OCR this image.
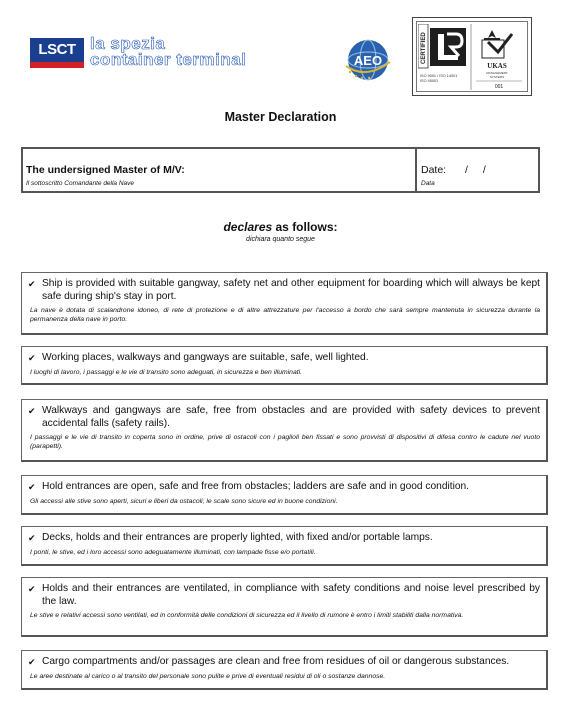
LSCT la spezia
container terminal	AEO	CERTIFIED
ISO 9001 / ISO 14001
ISO 45001
UKAS
MANAGEMENT
SYSTEMS
001
Master Declaration
The undersigned Master of M/V:
Il sottoscritto Comandante della Nave
Date: / /
Data
declares as follows:
dichiara quanto segue
✔ Ship is provided with suitable gangway, safety net and other equipment for boarding which will always be kept safe during ship's stay in port.
La nave è dotata di scalandrone idoneo, di rete di protezione e di altre attrezzature per l'accesso a bordo che sarà sempre mantenuta in sicurezza durante la permanenza della nave in porto.
✔ Working places, walkways and gangways are suitable, safe, well lighted.
I luoghi di lavoro, i passaggi e le vie di transito sono adeguati, in sicurezza e ben illuminati.
✔ Walkways and gangways are safe, free from obstacles and are provided with safety devices to prevent accidental falls (safety rails).
I passaggi e le vie di transito in coperta sono in ordine, prive di ostacoli con i paglioli ben fissati e sono provvisti di dispositivi di difesa contro le cadute nel vuoto (parapetti).
✔ Hold entrances are open, safe and free from obstacles; ladders are safe and in good condition.
Gli accessi alle stive sono aperti, sicuri e liberi da ostacoli; le scale sono sicure ed in buone condizioni.
✔ Decks, holds and their entrances are properly lighted, with fixed and/or portable lamps.
I ponti, le stive, ed i loro accessi sono adeguatamente illuminati, con lampade fisse e/o portatili.
✔ Holds and their entrances are ventilated, in compliance with safety conditions and noise level prescribed by the law.
Le stive e relativi accessi sono ventilati, ed in conformità delle condizioni di sicurezza ed il livello di rumore è entro i limiti stabiliti dalla normativa.
✔ Cargo compartments and/or passages are clean and free from residues of oil or dangerous substances.
Le aree destinate al carico o al transito del personale sono pulite e prive di eventuali residui di oli o sostanze dannose.
